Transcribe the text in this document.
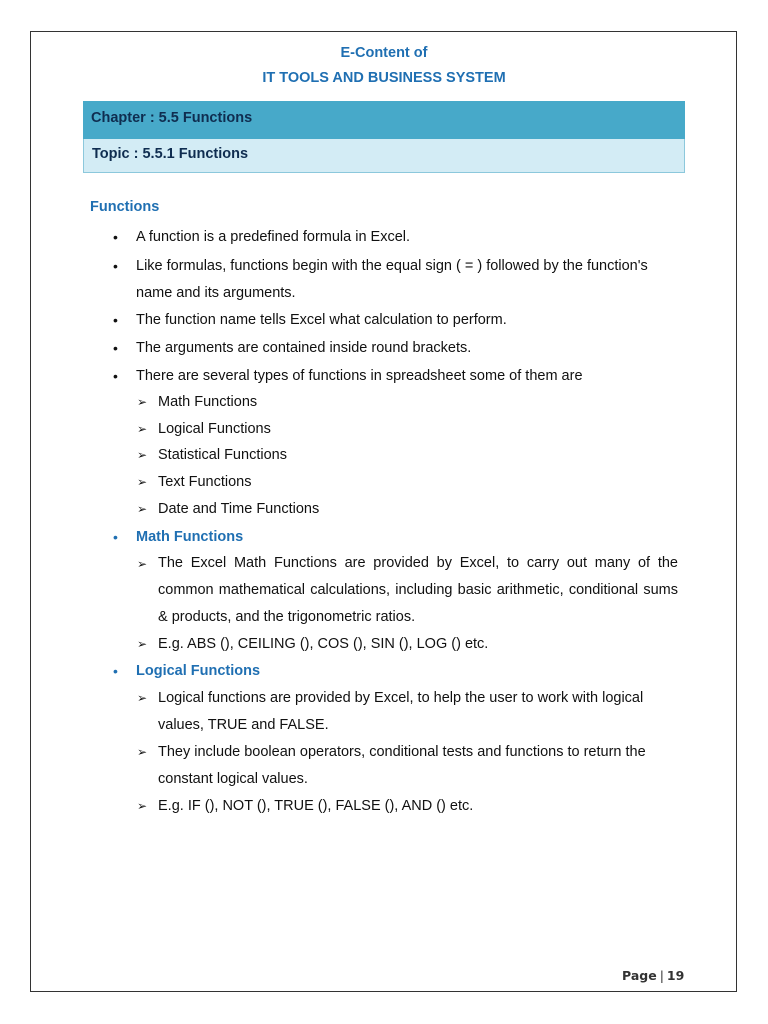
E-Content of
IT TOOLS AND BUSINESS SYSTEM
Chapter : 5.5 Functions
Topic : 5.5.1 Functions
Functions
• A function is a predefined formula in Excel.
• Like formulas, functions begin with the equal sign ( = ) followed by the function's
name and its arguments.
• The function name tells Excel what calculation to perform.
• The arguments are contained inside round brackets.
• There are several types of functions in spreadsheet some of them are
➢ Math Functions
➢ Logical Functions
➢ Statistical Functions
➢ Text Functions
➢ Date and Time Functions
• Math Functions
➢ The Excel Math Functions are provided by Excel, to carry out many of the common mathematical calculations, including basic arithmetic, conditional sums & products, and the trigonometric ratios.
➢ E.g. ABS (), CEILING (), COS (), SIN (), LOG () etc.
• Logical Functions
➢ Logical functions are provided by Excel, to help the user to work with logical
values, TRUE and FALSE.
➢ They include boolean operators, conditional tests and functions to return the
constant logical values.
➢ E.g. IF (), NOT (), TRUE (), FALSE (), AND () etc.
Page | 19
